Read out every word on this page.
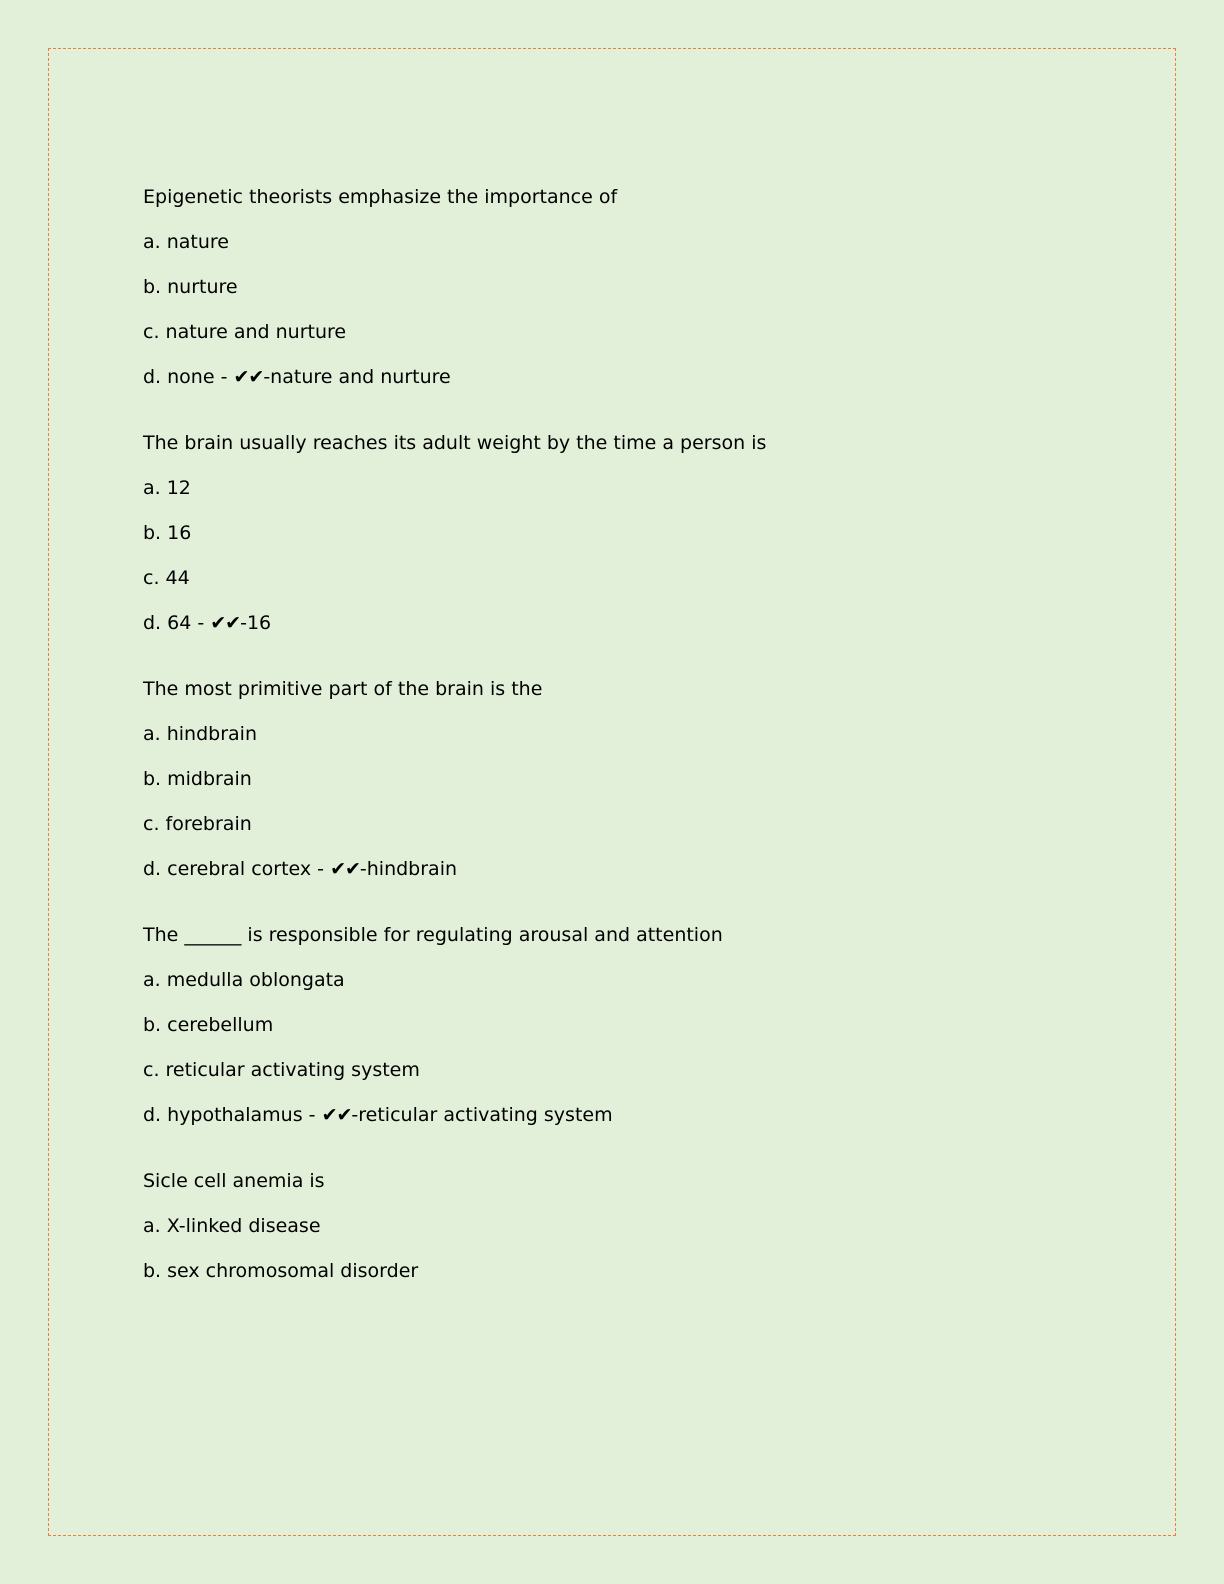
Epigenetic theorists emphasize the importance of
a. nature
b. nurture
c. nature and nurture
d. none - ✔✔-nature and nurture
The brain usually reaches its adult weight by the time a person is
a. 12
b. 16
c. 44
d. 64 - ✔✔-16
The most primitive part of the brain is the
a. hindbrain
b. midbrain
c. forebrain
d. cerebral cortex - ✔✔-hindbrain
The ______ is responsible for regulating arousal and attention
a. medulla oblongata
b. cerebellum
c. reticular activating system
d. hypothalamus - ✔✔-reticular activating system
Sicle cell anemia is
a. X-linked disease
b. sex chromosomal disorder
